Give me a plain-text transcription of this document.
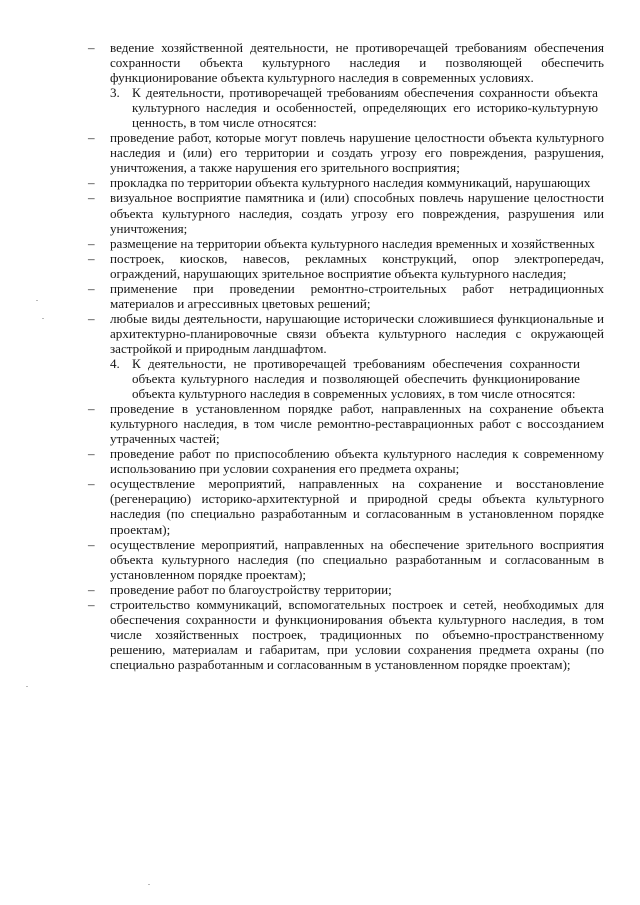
– ведение хозяйственной деятельности, не противоречащей требованиям обеспечения сохранности объекта культурного наследия и позволяющей обеспечить функционирование объекта культурного наследия в современных условиях.
3. К деятельности, противоречащей требованиям обеспечения сохранности объекта культурного наследия и особенностей, определяющих его историко-культурную ценность, в том числе относятся:
– проведение работ, которые могут повлечь нарушение целостности объекта культурного наследия и (или) его территории и создать угрозу его повреждения, разрушения, уничтожения, а также нарушения его зрительного восприятия;
– прокладка по территории объекта культурного наследия коммуникаций, нарушающих
– визуальное восприятие памятника и (или) способных повлечь нарушение целостности объекта культурного наследия, создать угрозу его повреждения, разрушения или уничтожения;
– размещение на территории объекта культурного наследия временных и хозяйственных
– построек, киосков, навесов, рекламных конструкций, опор электропередач, ограждений, нарушающих зрительное восприятие объекта культурного наследия;
– применение при проведении ремонтно-строительных работ нетрадиционных материалов и агрессивных цветовых решений;
– любые виды деятельности, нарушающие исторически сложившиеся функциональные и архитектурно-планировочные связи объекта культурного наследия с окружающей застройкой и природным ландшафтом.
4. К деятельности, не противоречащей требованиям обеспечения сохранности объекта культурного наследия и позволяющей обеспечить функционирование объекта культурного наследия в современных условиях, в том числе относятся:
– проведение в установленном порядке работ, направленных на сохранение объекта культурного наследия, в том числе ремонтно-реставрационных работ с воссозданием утраченных частей;
– проведение работ по приспособлению объекта культурного наследия к современному использованию при условии сохранения его предмета охраны;
– осуществление мероприятий, направленных на сохранение и восстановление (регенерацию) историко-архитектурной и природной среды объекта культурного наследия (по специально разработанным и согласованным в установленном порядке проектам);
– осуществление мероприятий, направленных на обеспечение зрительного восприятия объекта культурного наследия (по специально разработанным и согласованным в установленном порядке проектам);
– проведение работ по благоустройству территории;
– строительство коммуникаций, вспомогательных построек и сетей, необходимых для обеспечения сохранности и функционирования объекта культурного наследия, в том числе хозяйственных построек, традиционных по объемно-пространственному решению, материалам и габаритам, при условии сохранения предмета охраны (по специально разработанным и согласованным в установленном порядке проектам);
